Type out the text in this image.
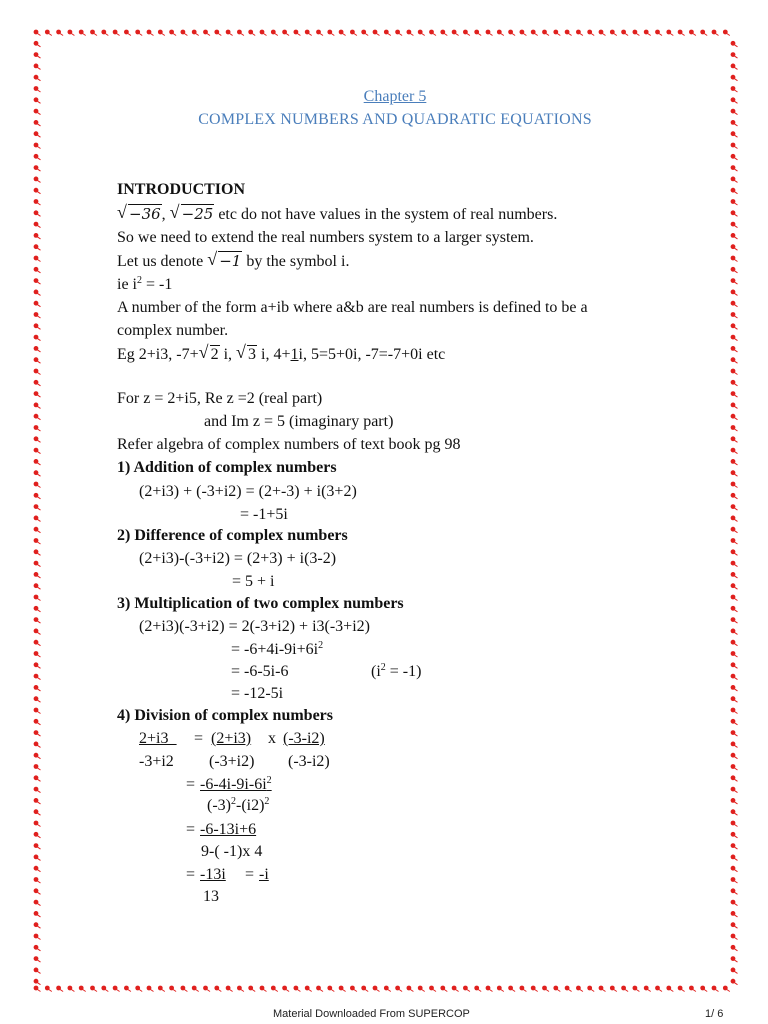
Chapter 5
COMPLEX NUMBERS AND QUADRATIC EQUATIONS
INTRODUCTION
√ −36, √ −25 etc do not have values in the system of real numbers.
So we need to extend the real numbers system to a larger system.
Let us denote √ −1 by the symbol i.
ie $i^2 = -1$
A number of the form a+ib where a&b are real numbers is defined to be a
complex number.
Eg 2+i3, -7+ √ 2 i, √ 3 i, 4+1i, 5=5+0i, -7=-7+0i etc
For z = 2+i5, Re z =2 (real part)
and Im z = 5 (imaginary part)
Refer algebra of complex numbers of text book pg 98
1) Addition of complex numbers
(2+i3) + (-3+i2) = (2+-3) + i(3+2)
= -1+5i
2) Difference of complex numbers
(2+i3)-(-3+i2) = (2+3) + i(3-2)
= 5 + i
3) Multiplication of two complex numbers
(2+i3)(-3+i2) = 2(-3+i2) + i3(-3+i2)
= $-6+4i-9i+6i^2$
= -6-5i-6	$(i^2 = -1)$
= -12-5i
4) Division of complex numbers
2+i3_ = (2+i3) x (-3-i2)
-3+i2 (-3+i2) (-3-i2)
= $-6-4i-9i-6i^2$
$(-3)^2-(i2)^2$
= -6-13i+6
9-( -1)x 4
= -13i = -i
13
Material Downloaded From SUPERCOP	1/ 6
